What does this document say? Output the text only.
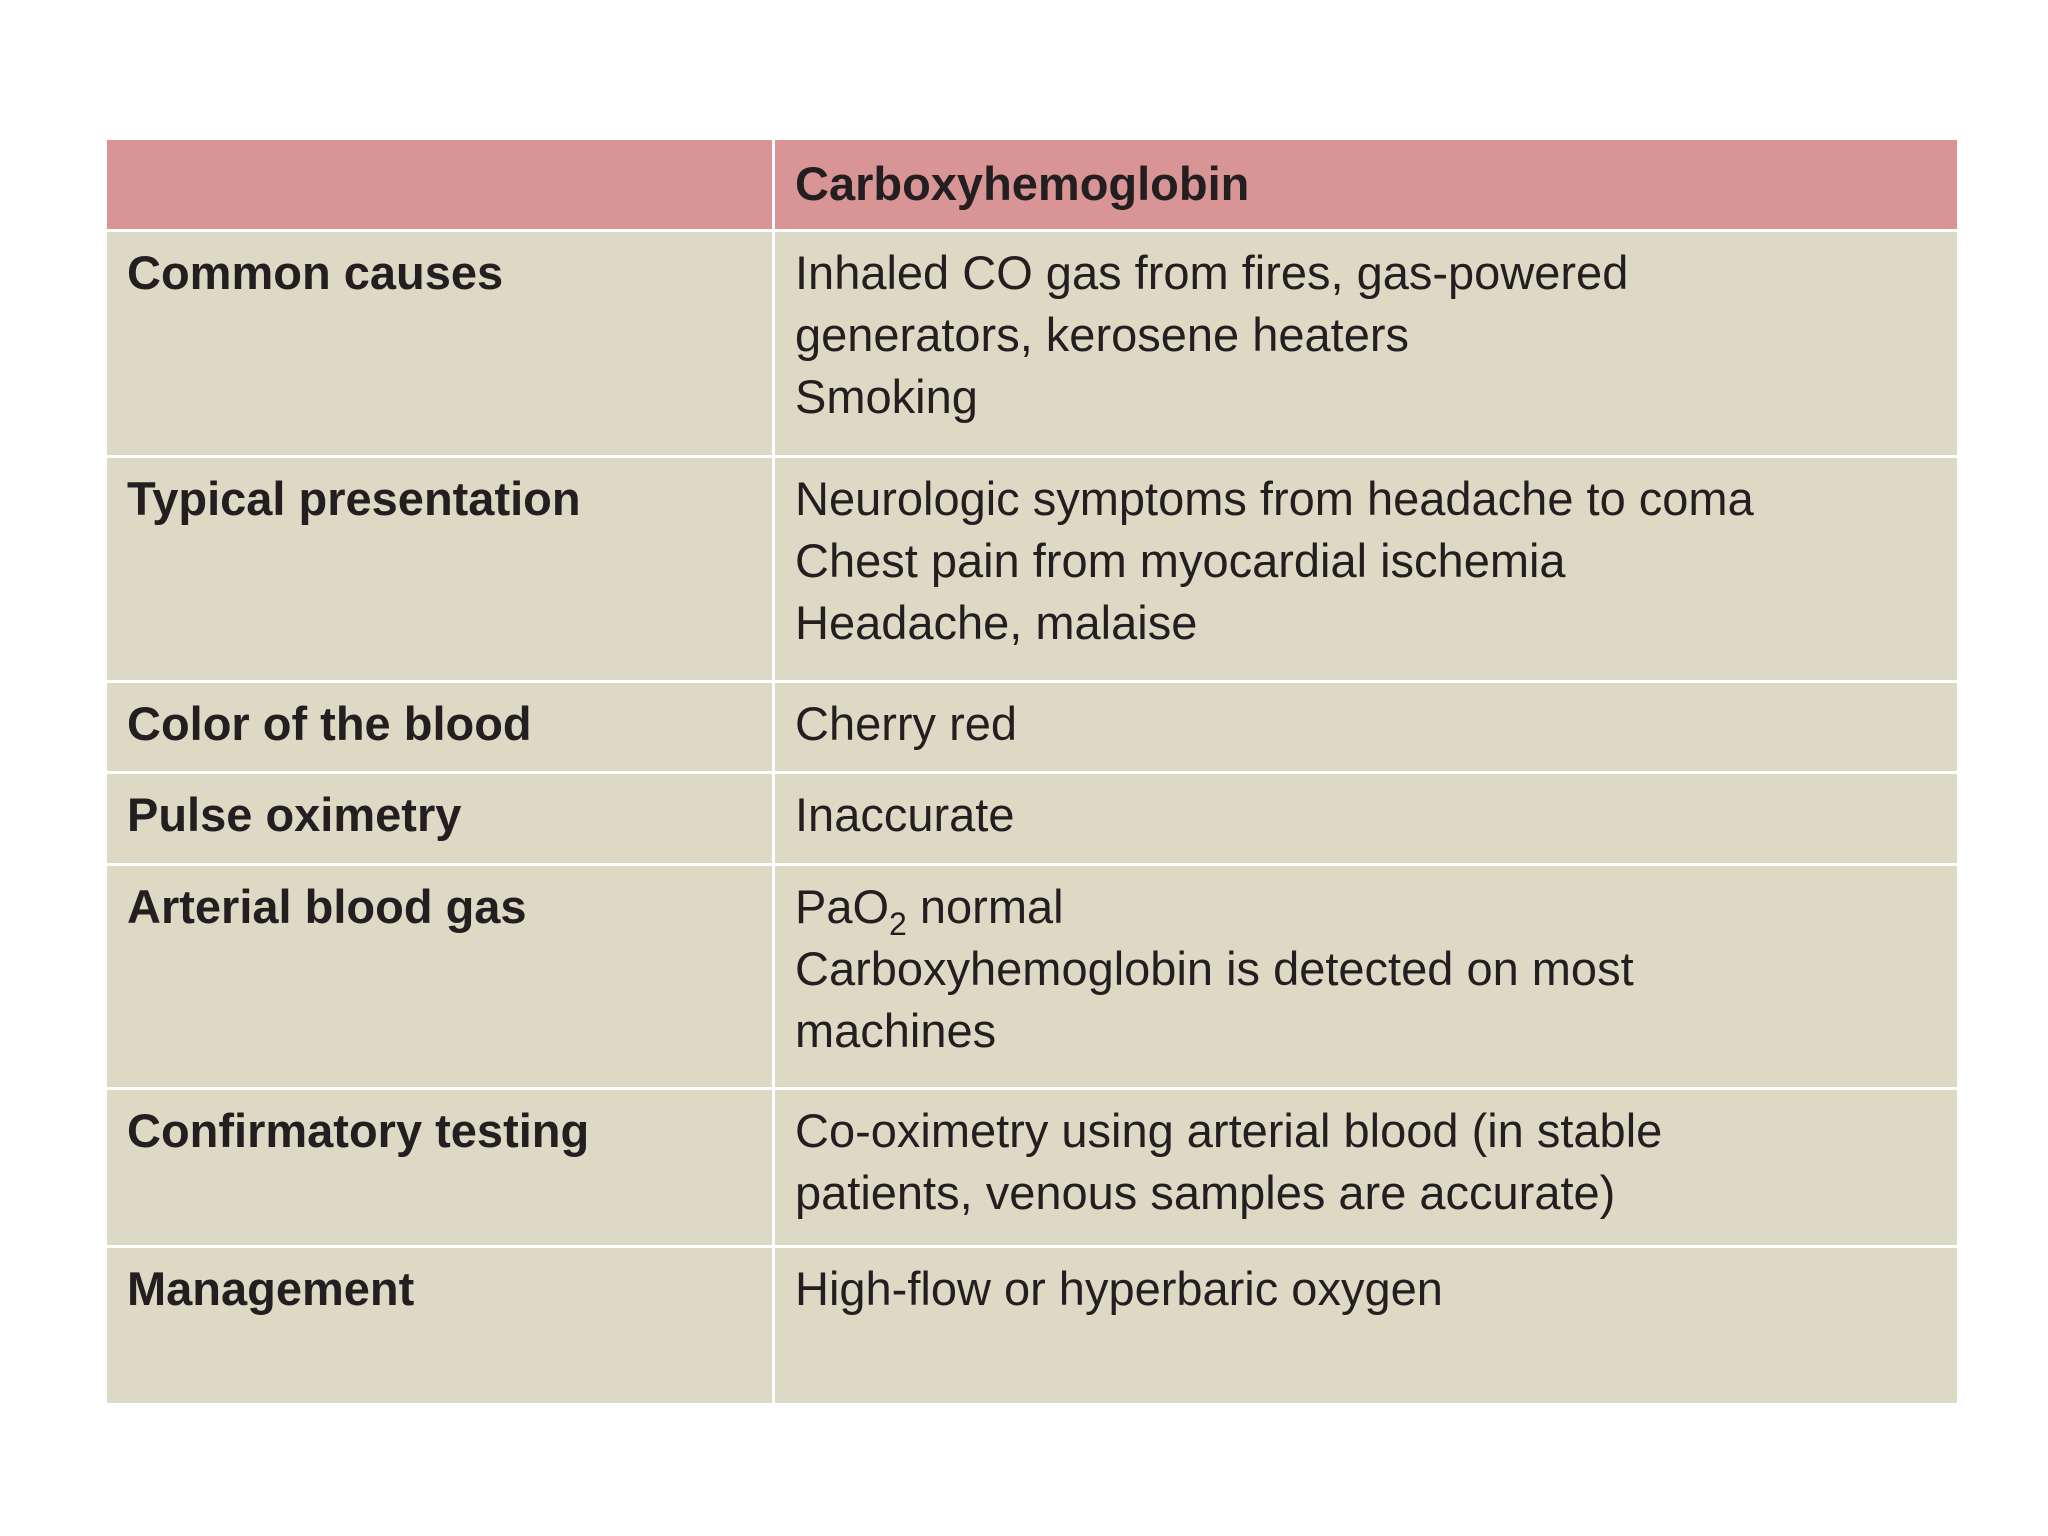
	Carboxyhemoglobin

Common causes	Inhaled CO gas from fires, gas-powered
generators, kerosene heaters
Smoking

Typical presentation	Neurologic symptoms from headache to coma
Chest pain from myocardial ischemia
Headache, malaise

Color of the blood	Cherry red

Pulse oximetry	Inaccurate

Arterial blood gas	PaO$_2$ normal
Carboxyhemoglobin is detected on most
machines

Confirmatory testing	Co-oximetry using arterial blood (in stable
patients, venous samples are accurate)

Management	High-flow or hyperbaric oxygen
